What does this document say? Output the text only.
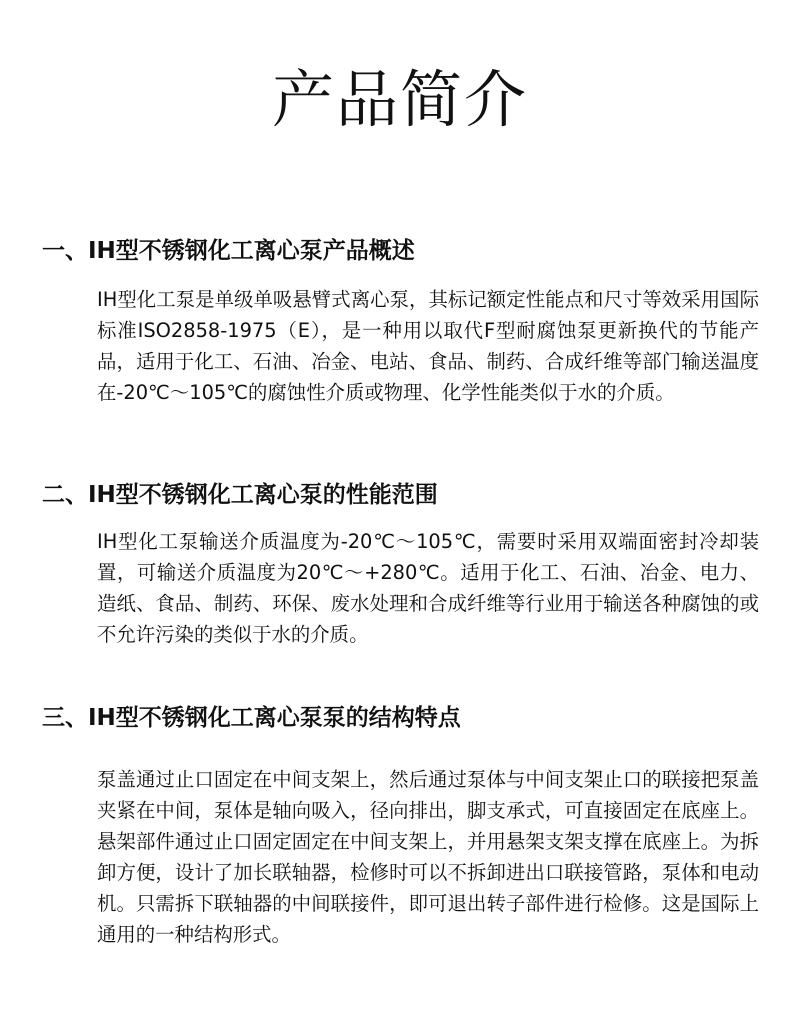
产品简介
一、IH型不锈钢化工离心泵产品概述

IH型化工泵是单级单吸悬臂式离心泵，其标记额定性能点和尺寸等效采用国际标准ISO2858-1975（E），是一种用以取代F型耐腐蚀泵更新换代的节能产品，适用于化工、石油、冶金、电站、食品、制药、合成纤维等部门输送温度在-20℃～105℃的腐蚀性介质或物理、化学性能类似于水的介质。

二、IH型不锈钢化工离心泵的性能范围

IH型化工泵输送介质温度为-20℃～105℃，需要时采用双端面密封冷却装置，可输送介质温度为20℃～+280℃。适用于化工、石油、冶金、电力、造纸、食品、制药、环保、废水处理和合成纤维等行业用于输送各种腐蚀的或不允许污染的类似于水的介质。

三、IH型不锈钢化工离心泵泵的结构特点

泵盖通过止口固定在中间支架上，然后通过泵体与中间支架止口的联接把泵盖夹紧在中间，泵体是轴向吸入，径向排出，脚支承式，可直接固定在底座上。悬架部件通过止口固定固定在中间支架上，并用悬架支架支撑在底座上。为拆卸方便，设计了加长联轴器，检修时可以不拆卸进出口联接管路，泵体和电动机。只需拆下联轴器的中间联接件，即可退出转子部件进行检修。这是国际上通用的一种结构形式。
